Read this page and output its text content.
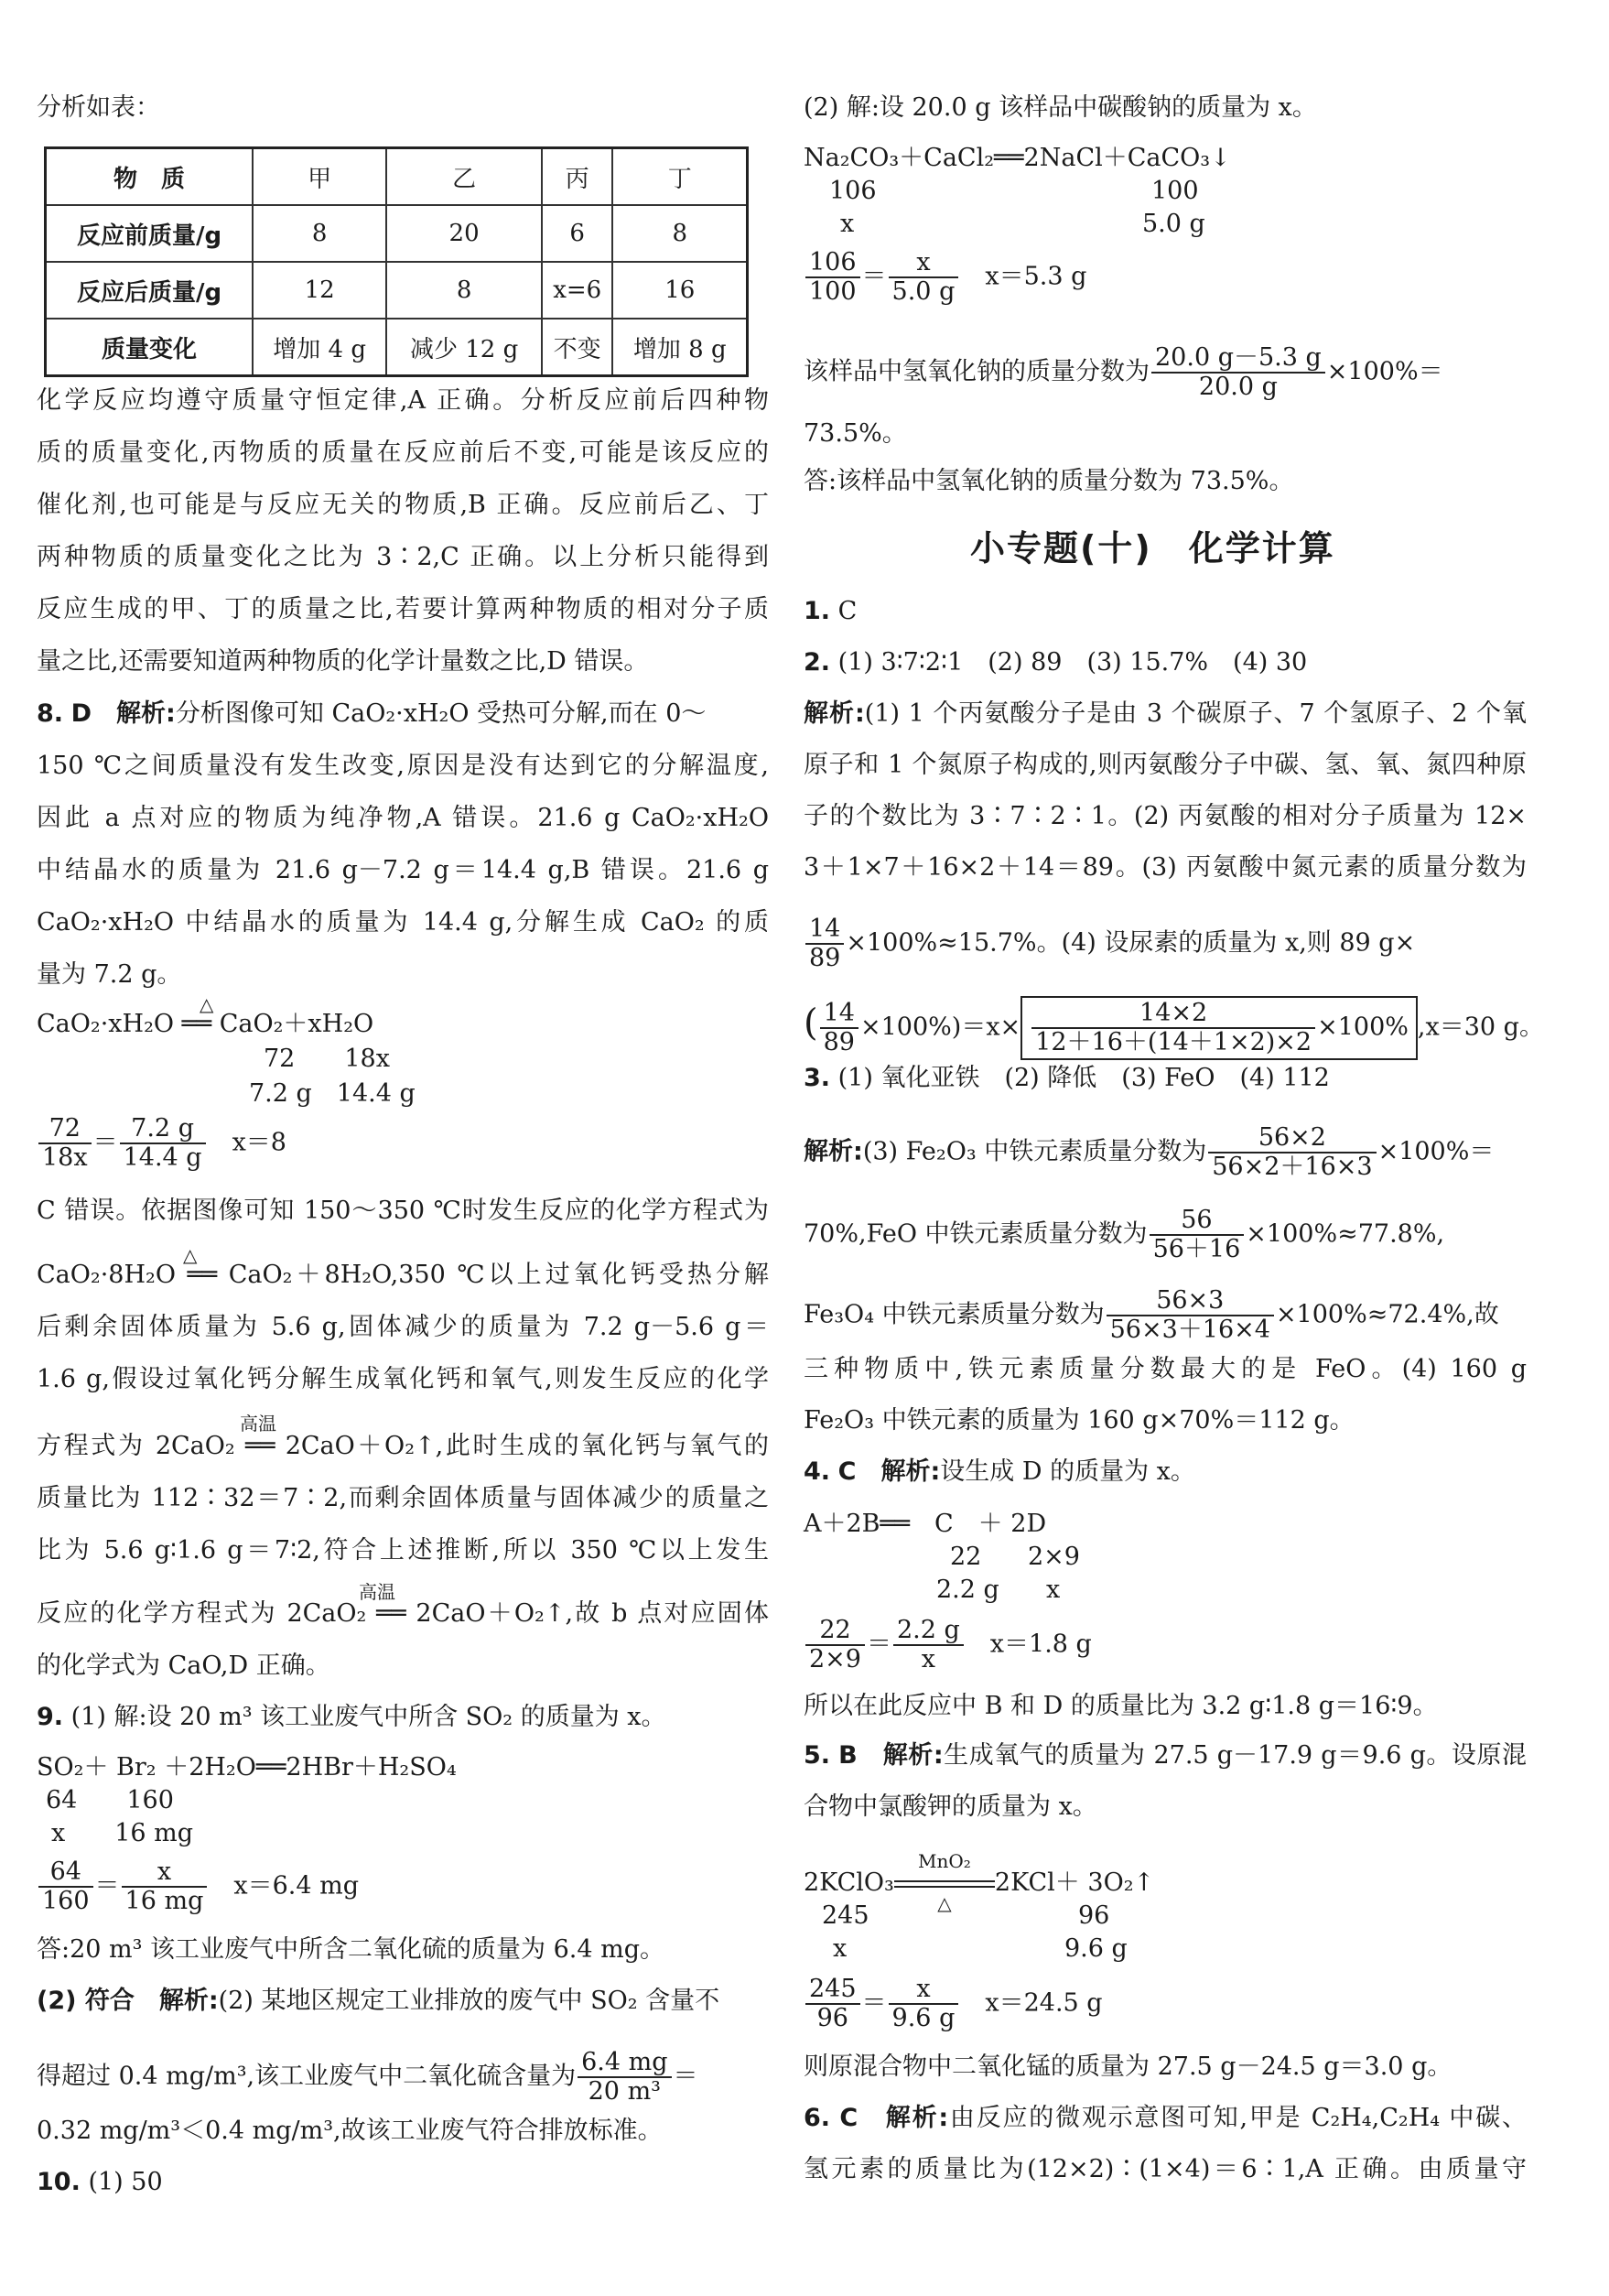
分析如表：
物　质	甲	乙	丙	丁
反应前质量/g	8	20	6	8
反应后质量/g	12	8	x=6	16
质量变化	增加 4 g	减少 12 g	不变	增加 8 g
化学反应均遵守质量守恒定律,A 正确。分析反应前后四种物
质的质量变化,丙物质的质量在反应前后不变,可能是该反应的
催化剂,也可能是与反应无关的物质,B 正确。反应前后乙、丁
两种物质的质量变化之比为 3∶2,C 正确。以上分析只能得到
反应生成的甲、丁的质量之比,若要计算两种物质的相对分子质
量之比,还需要知道两种物质的化学计量数之比,D 错误。
8. D　解析:分析图像可知 CaO₂·xH₂O 受热可分解,而在 0～
150 ℃之间质量没有发生改变,原因是没有达到它的分解温度,
因此 a 点对应的物质为纯净物,A 错误。21.6 g CaO₂·xH₂O
中结晶水的质量为 21.6 g－7.2 g＝14.4 g,B 错误。21.6 g
CaO₂·xH₂O 中结晶水的质量为 14.4 g,分解生成 CaO₂ 的质
量为 7.2 g。
CaO₂·xH₂O ══ CaO₂＋xH₂O
△
72　　18x
7.2 g　14.4 g
$\frac{72}{18x} = \frac{7.2 g}{14.4 g}$
　 x＝8
C 错误。依据图像可知 150～350 ℃时发生反应的化学方程式为
CaO₂·8H₂O ══ CaO₂＋8H₂O,350 ℃以上过氧化钙受热分解
△
后剩余固体质量为 5.6 g,固体减少的质量为 7.2 g－5.6 g＝
1.6 g,假设过氧化钙分解生成氧化钙和氧气,则发生反应的化学
方程式为 2CaO₂ ══ 2CaO＋O₂↑,此时生成的氧化钙与氧气的
高温
质量比为 112∶32＝7∶2,而剩余固体质量与固体减少的质量之
比为 5.6 g∶1.6 g＝7∶2,符合上述推断,所以 350 ℃以上发生
反应的化学方程式为 2CaO₂ ══ 2CaO＋O₂↑,故 b 点对应固体
高温
的化学式为 CaO,D 正确。
9. (1) 解:设 20 m³ 该工业废气中所含 SO₂ 的质量为 x。
SO₂＋ Br₂ ＋2H₂O══2HBr＋H₂SO₄
64　　160
x　　16 mg
$\frac{64}{160} = \frac{x}{16 mg}$
　 x＝6.4 mg
答:20 m³ 该工业废气中所含二氧化硫的质量为 6.4 mg。
(2) 符合　解析:(2) 某地区规定工业排放的废气中 SO₂ 含量不
得超过 0.4 mg/m³,该工业废气中二氧化硫含量为 $\frac{6.4 mg}{\text{20 m³}}$ ＝
0.32 mg/m³＜0.4 mg/m³,故该工业废气符合排放标准。
10. (1) 50
(2) 解:设 20.0 g 该样品中碳酸钠的质量为 x。
Na₂CO₃＋CaCl₂══2NaCl＋CaCO₃↓
106	100
x	5.0 g
$\frac{106}{100} = \frac{x}{5.0 g}$
　 x＝5.3 g
该样品中氢氧化钠的质量分数为 $\frac{20.0 g-5.3 g}{20.0 g} \times 100\%=$
73.5%。
答:该样品中氢氧化钠的质量分数为 73.5%。
小专题(十)　化学计算
1. C
2. (1) 3∶7∶2∶1　(2) 89　(3) 15.7%　(4) 30
解析:(1) 1 个丙氨酸分子是由 3 个碳原子、7 个氢原子、2 个氧
原子和 1 个氮原子构成的,则丙氨酸分子中碳、氢、氧、氮四种原
子的个数比为 3∶7∶2∶1。(2) 丙氨酸的相对分子质量为 12×
3＋1×7＋16×2＋14＝89。(3) 丙氨酸中氮元素的质量分数为
$\frac{14}{89} \times 100\%\approx 15.7\%$。(4) 设尿素的质量为 x,则 89 g×
( $\frac{14}{89} \times 100\%)=x\times \frac{14\times 2}{12+16+(14+1\times 2)\times 2} \times 100\%$ ,x＝30 g。
3. (1) 氧化亚铁　(2) 降低　(3) FeO　(4) 112
解析:(3) Fe₂O₃ 中铁元素质量分数为 $\frac{56\times 2}{56\times 2+16\times 3} \times 100\%=$
70%,FeO 中铁元素质量分数为 $\frac{56}{56+16} \times 100\%\approx 77.8\%$,
Fe₃O₄ 中铁元素质量分数为 $\frac{56\times 3}{56\times 3+16\times 4} \times 100\%\approx 72.4\%$,故
三种物质中,铁元素质量分数最大的是 FeO。(4) 160 g
Fe₂O₃ 中铁元素的质量为 160 g×70%＝112 g。
4. C　解析:设生成 D 的质量为 x。
A＋2B══　C　＋ 2D
22 2×9
2.2 g x
$\frac{22}{2\times 9} = \frac{2.2 g}{x}$
　 x＝1.8 g
所以在此反应中 B 和 D 的质量比为 3.2 g∶1.8 g＝16∶9。
5. B　解析:生成氧气的质量为 27.5 g－17.9 g＝9.6 g。设原混
合物中氯酸钾的质量为 x。
2KClO₃
MnO₂
△
2KCl＋ 3O₂↑
245	96
x	9.6 g
$\frac{245}{96} = \frac{x}{9.6 g}$
　 x＝24.5 g
则原混合物中二氧化锰的质量为 27.5 g－24.5 g＝3.0 g。
6. C　解析:由反应的微观示意图可知,甲是 C₂H₄,C₂H₄ 中碳、
氢元素的质量比为(12×2)∶(1×4)＝6∶1,A 正确。由质量守
